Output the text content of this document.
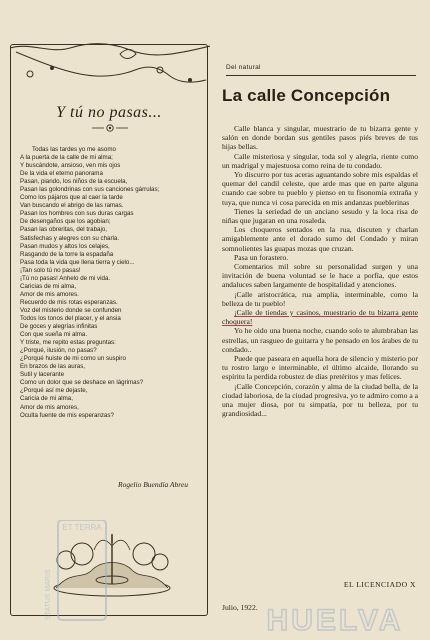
Y tú no pasas...
Todas las tardes yo me asomo
A la puerta de la calle de mi alma;
Y buscándote, ansioso, ven mis ojos
De la vida el eterno panorama
Pasan, piando, los niños de la escuela,
Pasan las golondrinas con sus canciones gárrulas;
Como los pájaros que al caer la tarde
Van buscando el abrigo de las ramas.
Pasan los hombres con sus duras cargas
De desengaños que los agobian;
Pasan las obreritas, del trabajo,
Satisfechas y alegres con su charla.
Pasan mudos y altos los celajes,
Rasgando de la torre la espadaña
Pasa toda la vida que llena tierra y cielo...
¡Tan solo tú no pasas!
¡Tú no pasas! Anhelo de mi vida.
Caricias de mi alma,
Amor de mis amores.
Recuerdo de mis rotas esperanzas.
Voz del misterio donde se confunden
Todos los tonos del placer, y el ansia
De goces y alegrías infinitas
Con que sueña mi alma.
Y triste, me repito estas preguntas:
¿Porqué, ilusión, no pasas?
¿Porqué huiste de mi como un suspiro
En brazos de las auras,
Sutil y lacerante
Como un dolor que se deshace en lágrimas?
¿Porqué así me dejaste,
Caricia de mi alma,
Amor de mis amores,
Oculta fuente de mis esperanzas?
Rogelio Buendía Abreu
Del natural
La calle Concepción

Calle blanca y singular, muestrario de tu bizarra gente y salón en donde bordan sus gentiles pasos piés breves de tus hijas bellas.

Calle misteriosa y singular, toda sol y alegría, riente como un madrigal y majestuosa como reina de tu condado.

Yo discurro por tus aceras aguantando sobre mis espaldas el quemar del candil celeste, que arde mas que en parte alguna cuando cae sobre tu pueblo y pienso en tu fisonomía extraña y tuya, que nunca vi cosa parecida en mis andanzas pueblerinas

Tienes la seriedad de un anciano sesudo y la loca risa de niñas que jugaran en una rosaleda.

Los choqueros sentados en la rua, discuten y charlan amigablemente ante el dorado sumo del Condado y miran somnolientes las guapas mozas que cruzan.

Pasa un forastero.

Comentarios mil sobre su personalidad surgen y una invitación de buena voluntad se le hace a porfía, que estos andaluces saben largamente de hospitalidad y atenciones.

¡Calle aristocrática, rua amplia, interminable, como la belleza de tu pueblo!

¡Calle de tiendas y casinos, muestrario de tu bizarra gente choquera!

Yo he oido una buena noche, cuando solo te alumbraban las estrellas, un rasgueo de guitarra y he pensado en los árabes de tu condado..

Puede que paseara en aquella hora de silencio y misterio por tu rostro largo e interminable, el último alcaide, llorando su espíritu la perdida robustez de días pretéritos y mas felices.

¡Calle Concepción, corazón y alma de la ciudad bella, de la ciudad laboriosa, de la ciudad progresiva, yo te admiro como a a una mujer diosa, por tu simpatía, por tu belleza, por tu grandiosidad...

EL LICENCIADO X
Julio, 1922.
ET TERRA
STATUS MARIS
HUELVA
